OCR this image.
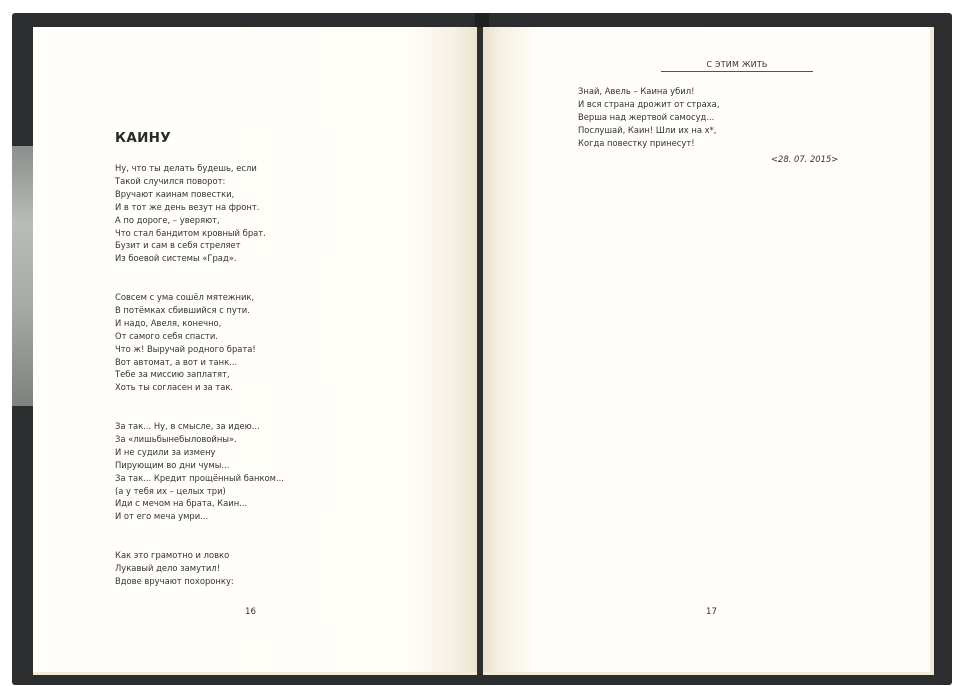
КАИНУ
Ну, что ты делать будешь, если
Такой случился поворот:
Вручают каинам повестки,
И в тот же день везут на фронт.
А по дороге, – уверяют,
Что стал бандитом кровный брат.
Бузит и сам в себя стреляет
Из боевой системы «Град».
Совсем с ума сошёл мятежник,
В потёмках сбившийся с пути.
И надо, Авеля, конечно,
От самого себя спасти.
Что ж! Выручай родного брата!
Вот автомат, а вот и танк...
Тебе за миссию заплатят,
Хоть ты согласен и за так.
За так... Ну, в смысле, за идею...
За «лишьбынебыловойны».
И не судили за измену
Пирующим во дни чумы...
За так... Кредит прощённый банком...
(а у тебя их – целых три)
Иди с мечом на брата, Каин...
И от его меча умри...
Как это грамотно и ловко
Лукавый дело замутил!
Вдове вручают похоронку:
16
С ЭТИМ ЖИТЬ
Знай, Авель – Каина убил!
И вся страна дрожит от страха,
Верша над жертвой самосуд...
Послушай, Каин! Шли их на х*,
Когда повестку принесут!
<28. 07. 2015>
17
